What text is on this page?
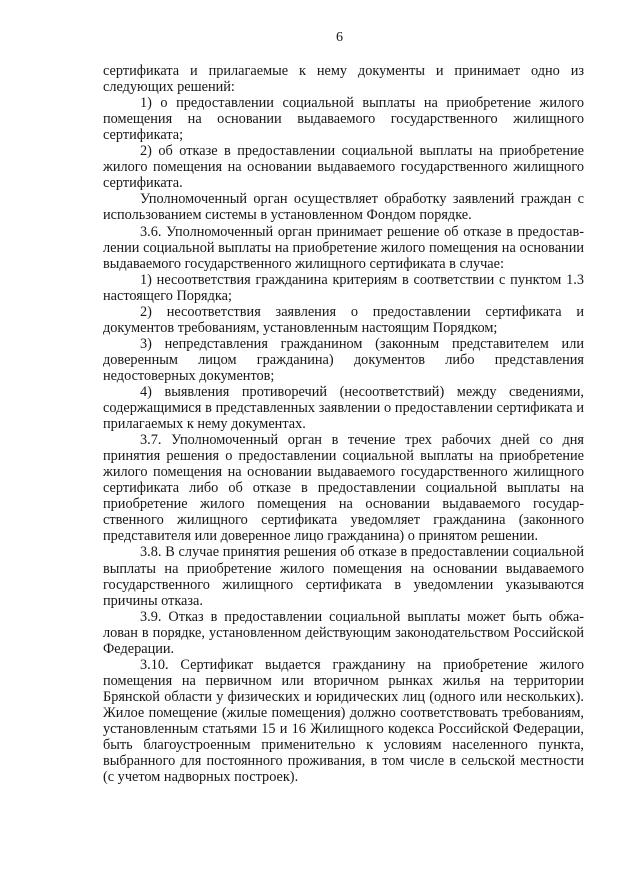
6

сертификата и прилагаемые к нему документы и принимает одно из следующих решений:

1) о предоставлении социальной выплаты на приобретение жилого помещения на основании выдаваемого государственного жилищного сертификата;

2) об отказе в предоставлении социальной выплаты на приобретение жилого помещения на основании выдаваемого государственного жилищного сертификата.

Уполномоченный орган осуществляет обработку заявлений граждан с использованием системы в установленном Фондом порядке.

3.6. Уполномоченный орган принимает решение об отказе в предоставлении социальной выплаты на приобретение жилого помещения на основании выдаваемого государственного жилищного сертификата в случае:

1) несоответствия гражданина критериям в соответствии с пунктом 1.3 настоящего Порядка;

2) несоответствия заявления о предоставлении сертификата и документов требованиям, установленным настоящим Порядком;

3) непредставления гражданином (законным представителем или доверенным лицом гражданина) документов либо представления недостоверных документов;

4) выявления противоречий (несоответствий) между сведениями, содержащимися в представленных заявлении о предоставлении сертификата и прилагаемых к нему документах.

3.7. Уполномоченный орган в течение трех рабочих дней со дня принятия решения о предоставлении социальной выплаты на приобретение жилого помещения на основании выдаваемого государственного жилищного сертификата либо об отказе в предоставлении социальной выплаты на приобретение жилого помещения на основании выдаваемого государственного жилищного сертификата уведомляет гражданина (законного представителя или доверенное лицо гражданина) о принятом решении.

3.8. В случае принятия решения об отказе в предоставлении социальной выплаты на приобретение жилого помещения на основании выдаваемого государственного жилищного сертификата в уведомлении указываются причины отказа.

3.9. Отказ в предоставлении социальной выплаты может быть обжалован в порядке, установленном действующим законодательством Российской Федерации.

3.10. Сертификат выдается гражданину на приобретение жилого помещения на первичном или вторичном рынках жилья на территории Брянской области у физических и юридических лиц (одного или нескольких). Жилое помещение (жилые помещения) должно соответствовать требованиям, установленным статьями 15 и 16 Жилищного кодекса Российской Федерации, быть благоустроенным применительно к условиям населенного пункта, выбранного для постоянного проживания, в том числе в сельской местности (с учетом надворных построек).
